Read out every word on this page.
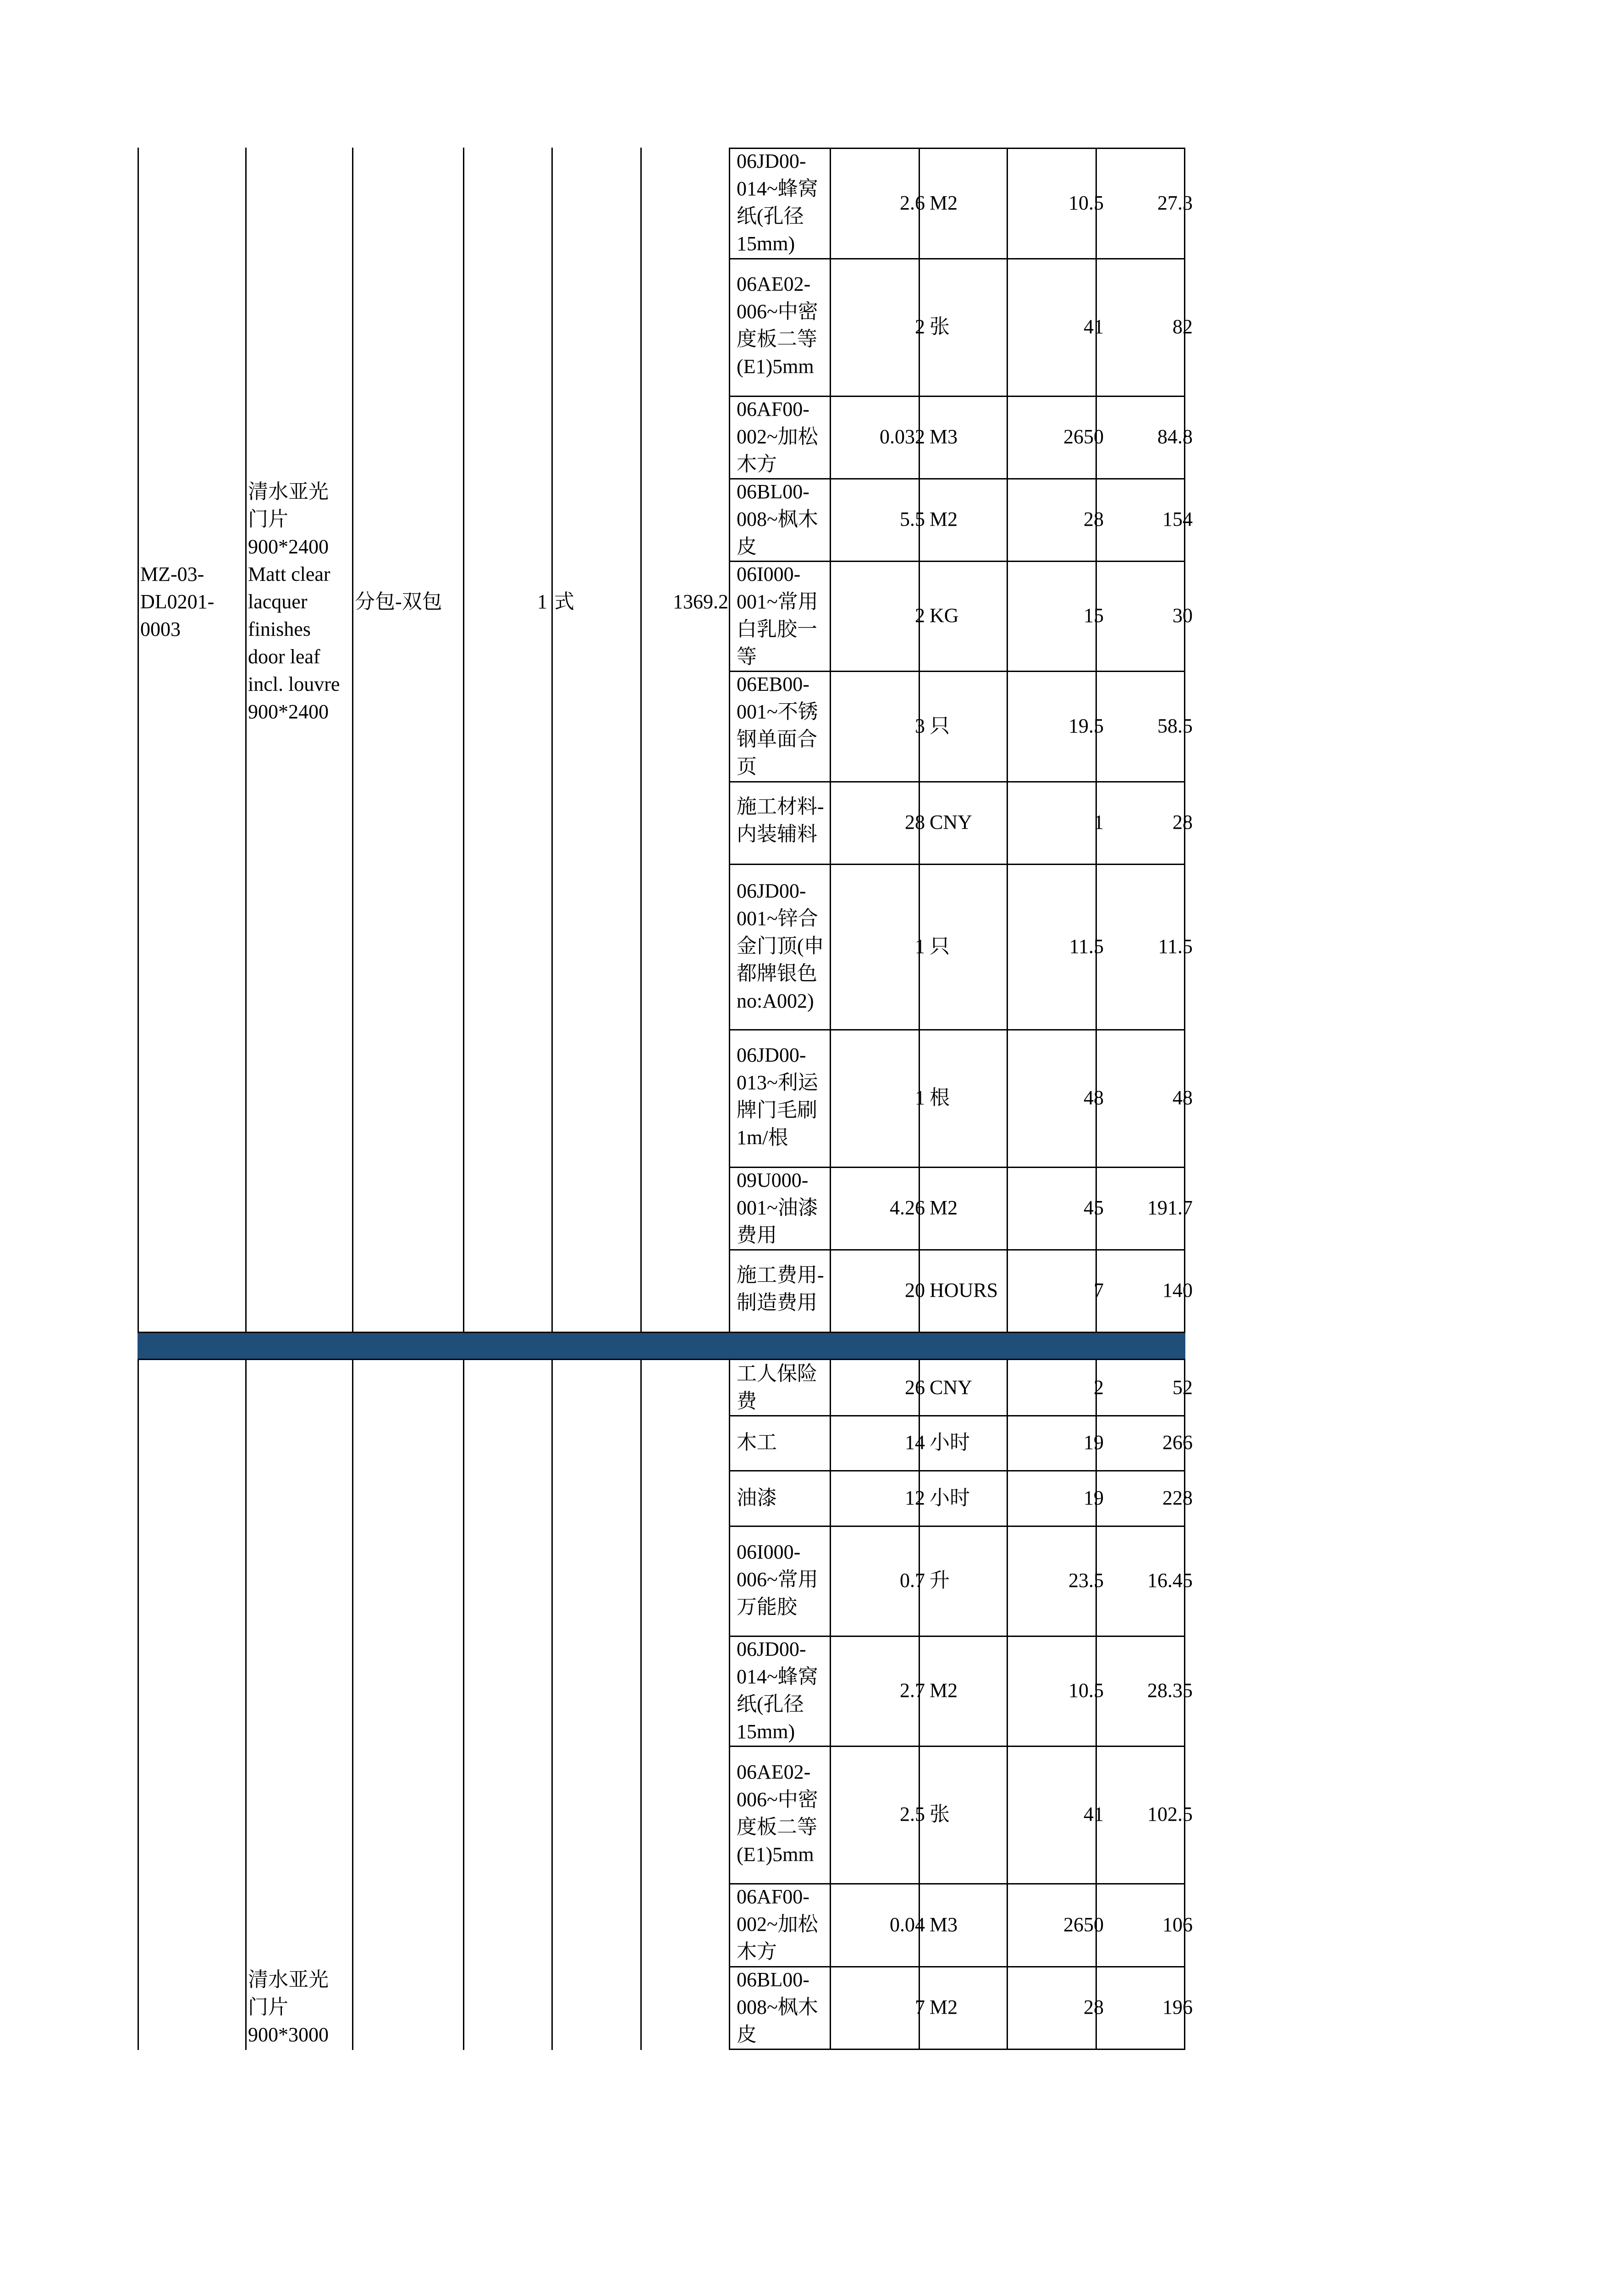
MZ-03-
DL0201-
0003
清水亚光
门片
900*2400
Matt clear
lacquer
finishes
door leaf
incl. louvre
900*2400
分包-双包	1 式	1369.2
06JD00-
014~蜂窝
纸(孔径
15mm)
2.6 M2	10.5	27.3
06AE02-
006~中密
度板二等
(E1)5mm
2 张	41	82
06AF00-
002~加松
木方
0.032 M3	2650	84.8
06BL00-
008~枫木
皮
5.5 M2	28	154
06I000-
001~常用
白乳胶一
等
2 KG	15	30
06EB00-
001~不锈
钢单面合
页
3 只	19.5	58.5
施工材料-
内装辅料
28 CNY	1	28
06JD00-
001~锌合
金门顶(申
都牌银色
no:A002)
1 只	11.5	11.5
06JD00-
013~利运
牌门毛刷
1m/根
1 根	48	48
09U000-
001~油漆
费用
4.26 M2	45	191.7
施工费用-
制造费用
20 HOURS	7	140
清水亚光
门片
900*3000
工人保险
费
26 CNY	2	52
木工	14 小时	19	266
油漆	12 小时	19	228
06I000-
006~常用
万能胶
0.7 升	23.5	16.45
06JD00-
014~蜂窝
纸(孔径
15mm)
2.7 M2	10.5	28.35
06AE02-
006~中密
度板二等
(E1)5mm
2.5 张	41	102.5
06AF00-
002~加松
木方
0.04 M3	2650	106
06BL00-
008~枫木
皮
7 M2	28	196
